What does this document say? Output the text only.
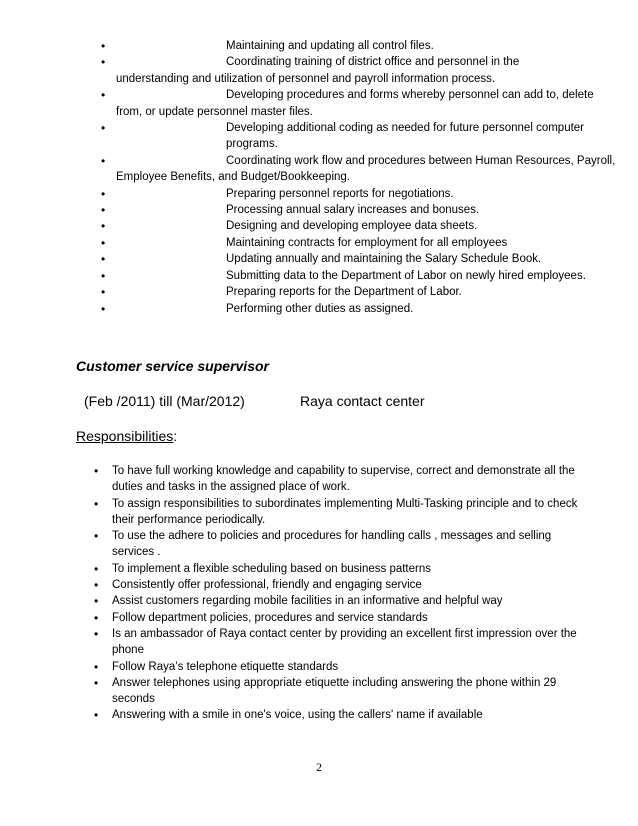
•	Maintaining and updating all control files.
•	Coordinating training of district office and personnel in the
understanding and utilization of personnel and payroll information process.
•	Developing procedures and forms whereby personnel can add to, delete
from, or update personnel master files.
•	Developing additional coding as needed for future personnel computer programs.
•	Coordinating work flow and procedures between Human Resources, Payroll,
Employee Benefits, and Budget/Bookkeeping.
•	Preparing personnel reports for negotiations.
•	Processing annual salary increases and bonuses.
•	Designing and developing employee data sheets.
•	Maintaining contracts for employment for all employees
•	Updating annually and maintaining the Salary Schedule Book.
•	Submitting data to the Department of Labor on newly hired employees.
•	Preparing reports for the Department of Labor.
•	Performing other duties as assigned.
Customer service supervisor
(Feb /2011) till (Mar/2012)	Raya contact center
Responsibilities:
• To have full working knowledge and capability to supervise, correct and demonstrate all the duties and tasks in the assigned place of work.
• To assign responsibilities to subordinates implementing Multi-Tasking principle and to check their performance periodically.
• To use the adhere to policies and procedures for handling calls , messages and selling services .
• To implement a flexible scheduling based on business patterns
• Consistently offer professional, friendly and engaging service
• Assist customers regarding mobile facilities in an informative and helpful way
• Follow department policies, procedures and service standards
• Is an ambassador of Raya contact center by providing an excellent first impression over the phone
• Follow Raya’s telephone etiquette standards
• Answer telephones using appropriate etiquette including answering the phone within 29 seconds
• Answering with a smile in one's voice, using the callers' name if available
2
